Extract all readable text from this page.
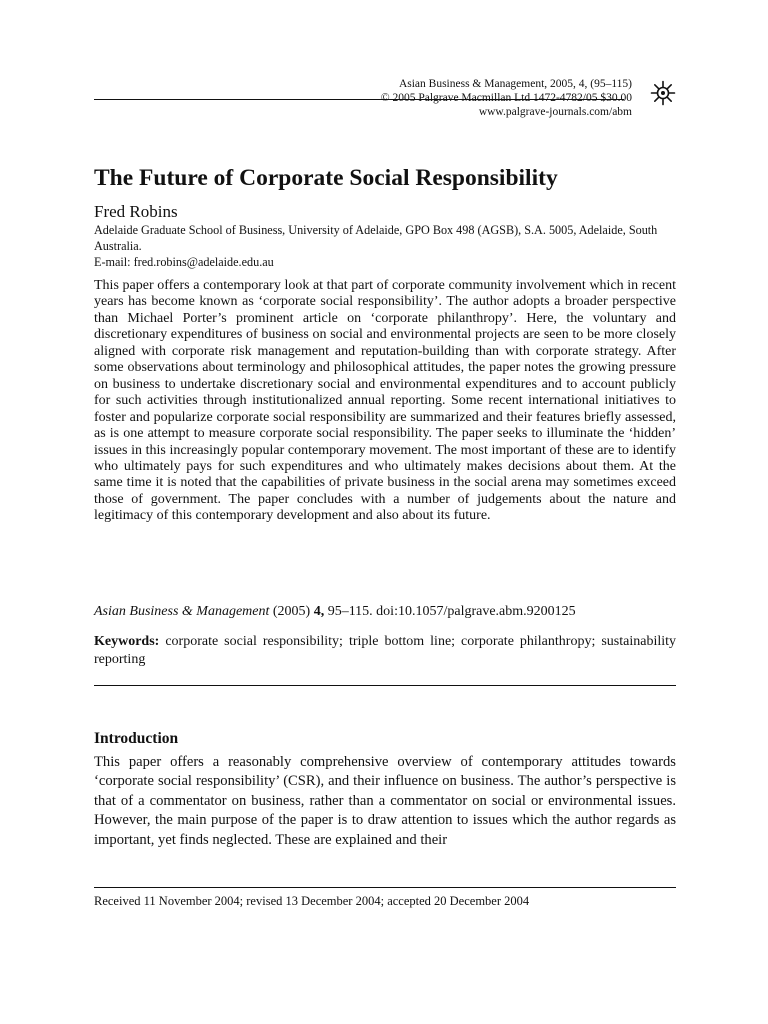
Asian Business & Management, 2005, 4, (95–115)
© 2005 Palgrave Macmillan Ltd 1472-4782/05 $30.00
www.palgrave-journals.com/abm
The Future of Corporate Social Responsibility
Fred Robins
Adelaide Graduate School of Business, University of Adelaide, GPO Box 498 (AGSB), S.A. 5005, Adelaide, South Australia.
E-mail: fred.robins@adelaide.edu.au

This paper offers a contemporary look at that part of corporate community involvement which in recent years has become known as ‘corporate social responsibility’. The author adopts a broader perspective than Michael Porter’s prominent article on ‘corporate philanthropy’. Here, the voluntary and discretionary expenditures of business on social and environmental projects are seen to be more closely aligned with corporate risk management and reputation-building than with corporate strategy. After some observations about terminology and philosophical attitudes, the paper notes the growing pressure on business to undertake discretionary social and environmental expenditures and to account publicly for such activities through institutionalized annual reporting. Some recent international initiatives to foster and popularize corporate social responsibility are summarized and their features briefly assessed, as is one attempt to measure corporate social responsibility. The paper seeks to illuminate the ‘hidden’ issues in this increasingly popular contemporary movement. The most important of these are to identify who ultimately pays for such expenditures and who ultimately makes decisions about them. At the same time it is noted that the capabilities of private business in the social arena may sometimes exceed those of government. The paper concludes with a number of judgements about the nature and legitimacy of this contemporary development and also about its future.

Asian Business & Management (2005) 4, 95–115. doi:10.1057/palgrave.abm.9200125

Keywords: corporate social responsibility; triple bottom line; corporate philanthropy; sustainability reporting

Introduction

This paper offers a reasonably comprehensive overview of contemporary attitudes towards ‘corporate social responsibility’ (CSR), and their influence on business. The author’s perspective is that of a commentator on business, rather than a commentator on social or environmental issues. However, the main purpose of the paper is to draw attention to issues which the author regards as important, yet finds neglected. These are explained and their

Received 11 November 2004; revised 13 December 2004; accepted 20 December 2004
